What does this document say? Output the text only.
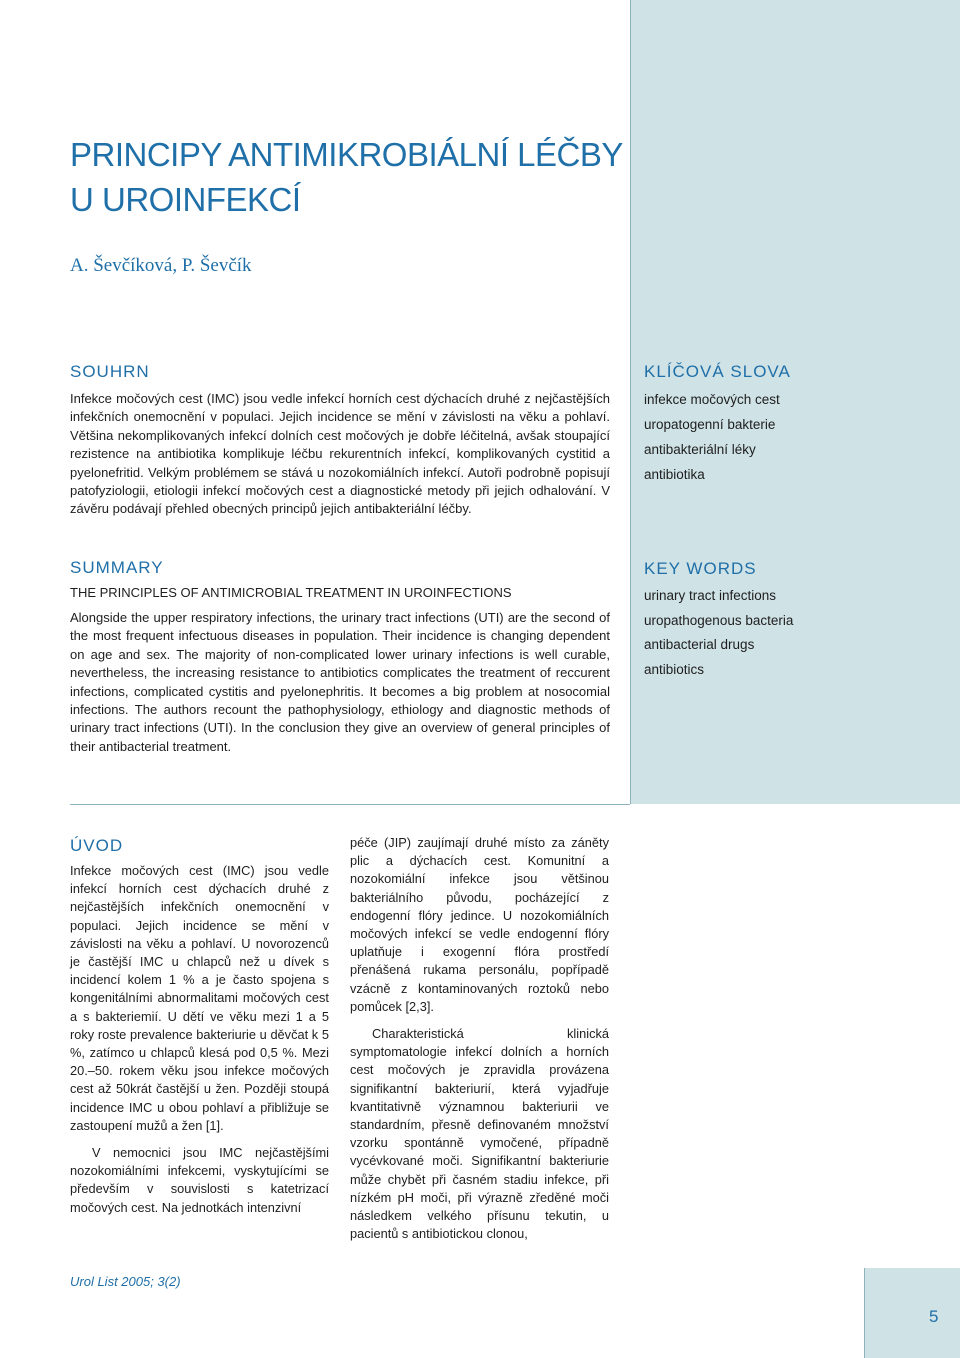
PRINCIPY ANTIMIKROBIÁLNÍ LÉČBY
U UROINFEKCÍ
A. Ševčíková, P. Ševčík
SOUHRN

Infekce močových cest (IMC) jsou vedle infekcí horních cest dýchacích druhé z nejčastějších infekčních onemocnění v populaci. Jejich incidence se mění v závislosti na věku a pohlaví. Většina nekomplikovaných infekcí dolních cest močových je dobře léčitelná, avšak stoupající rezistence na antibiotika komplikuje léčbu rekurentních infekcí, komplikovaných cystitid a pyelonefritid. Velkým problémem se stává u nozokomiálních infekcí. Autoři podrobně popisují patofyziologii, etiologii infekcí močových cest a diagnostické metody při jejich odhalování. V závěru podávají přehled obecných principů jejich antibakteriální léčby.

SUMMARY
THE PRINCIPLES OF ANTIMICROBIAL TREATMENT IN UROINFECTIONS

Alongside the upper respiratory infections, the urinary tract infections (UTI) are the second of the most frequent infectuous diseases in population. Their incidence is changing dependent on age and sex. The majority of non-complicated lower urinary infections is well curable, nevertheless, the increasing resistance to antibiotics complicates the treatment of reccurent infections, complicated cystitis and pyelonephritis. It becomes a big problem at nosocomial infections. The authors recount the pathophysiology, ethiology and diagnostic methods of urinary tract infections (UTI). In the conclusion they give an overview of general principles of their antibacterial treatment.

KLÍČOVÁ SLOVA
infekce močových cest
uropatogenní bakterie
antibakteriální léky
antibiotika
KEY WORDS
urinary tract infections
uropathogenous bacteria
antibacterial drugs
antibiotics
ÚVOD

Infekce močových cest (IMC) jsou vedle infekcí horních cest dýchacích druhé z nejčastějších infekčních onemocnění v populaci. Jejich incidence se mění v závislosti na věku a pohlaví. U novorozenců je častější IMC u chlapců než u dívek s incidencí kolem 1 % a je často spojena s kongenitálními abnormalitami močových cest a s bakteriemií. U dětí ve věku mezi 1 a 5 roky roste prevalence bakteriurie u děvčat k 5 %, zatímco u chlapců klesá pod 0,5 %. Mezi 20.–50. rokem věku jsou infekce močových cest až 50krát častější u žen. Později stoupá incidence IMC u obou pohlaví a přibližuje se zastoupení mužů a žen [1].

V nemocnici jsou IMC nejčastějšími nozokomiálními infekcemi, vyskytujícími se především v souvislosti s katetrizací močových cest. Na jednotkách intenzivní

péče (JIP) zaujímají druhé místo za záněty plic a dýchacích cest. Komunitní a nozokomiální infekce jsou většinou bakteriálního původu, pocházející z endogenní flóry jedince. U nozokomiálních močových infekcí se vedle endogenní flóry uplatňuje i exogenní flóra prostředí přenášená rukama personálu, popřípadě vzácně z kontaminovaných roztoků nebo pomůcek [2,3].

Charakteristická klinická symptomatologie infekcí dolních a horních cest močových je zpravidla provázena signifikantní bakteriurií, která vyjadřuje kvantitativně významnou bakteriurii ve standardním, přesně definovaném množství vzorku spontánně vymočené, případně vycévkované moči. Signifikantní bakteriurie může chybět při časném stadiu infekce, při nízkém pH moči, při výrazně zředěné moči následkem velkého přísunu tekutin, u pacientů s antibiotickou clonou,

Urol List 2005; 3(2)
5
